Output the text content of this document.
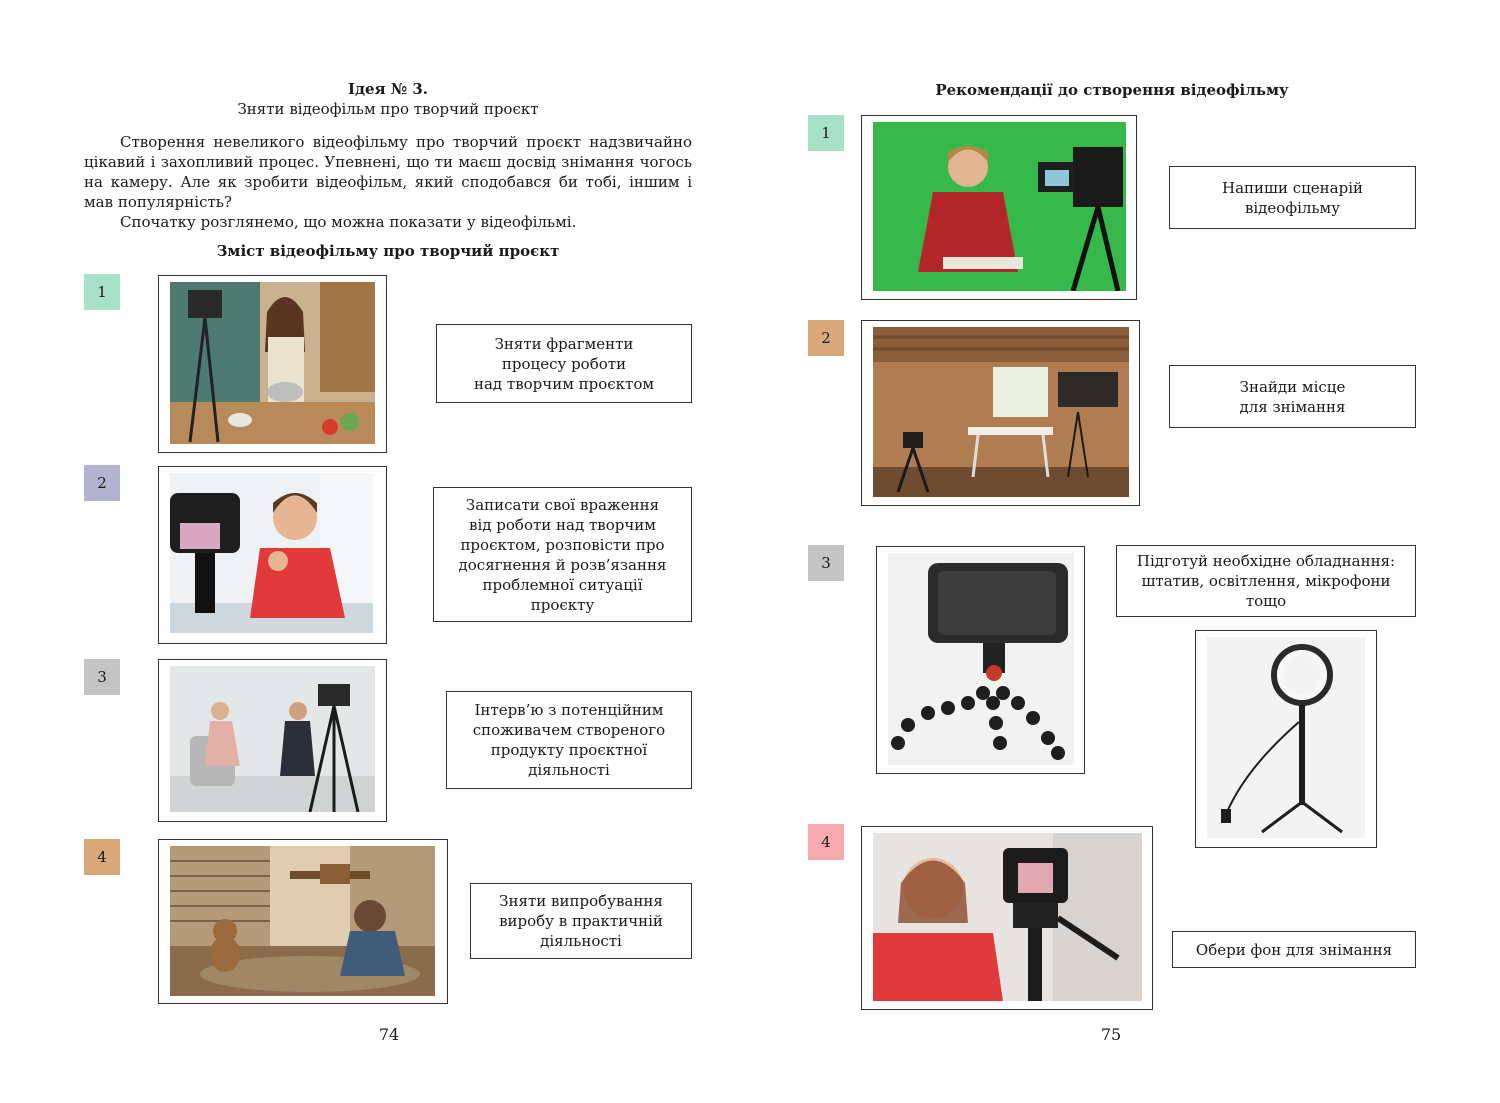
Ідея № 3.
Зняти відеофільм про творчий проєкт
Створення невеликого відеофільму про творчий проєкт надзвичайно цікавий і захопливий процес. Упевнені, що ти маєш досвід знімання чогось на камеру. Але як зробити відеофільм, який сподобався би тобі, іншим і мав популярність?
Спочатку розглянемо, що можна показати у відеофільмі.
Зміст відеофільму про творчий проєкт
1
Зняти фрагменти
процесу роботи
над творчим проєктом
2
Записати свої враження
від роботи над творчим
проєктом, розповісти про
досягнення й розв’язання
проблемної ситуації
проєкту
3
Інтерв’ю з потенційним
споживачем створеного
продукту проєктної
діяльності
4
Зняти випробування
виробу в практичній
діяльності
74
Рекомендації до створення відеофільму
1
Напиши сценарій
відеофільму
2
Знайди місце
для знімання
3	Підготуй необхідне обладнання:
штатив, освітлення, мікрофони
тощо
4
Обери фон для знімання
75
